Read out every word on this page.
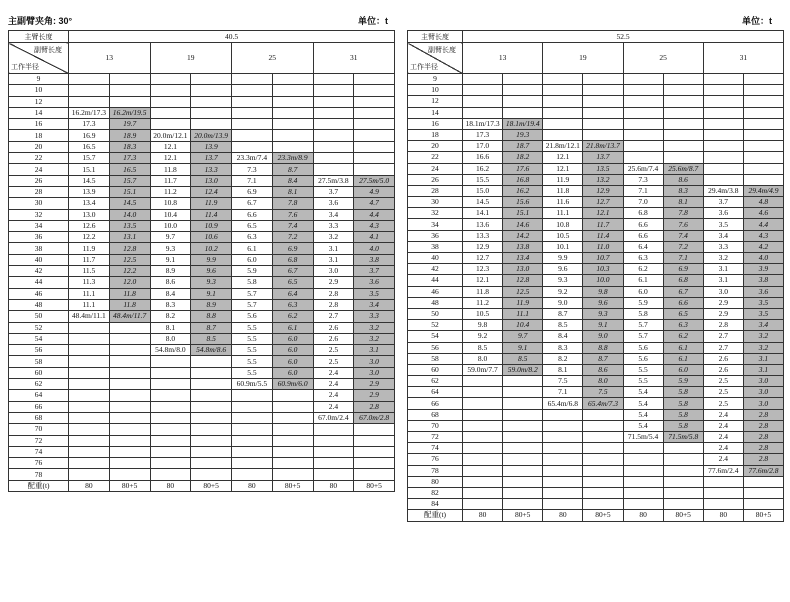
主副臂夹角: 30°	单位：t	单位：t
主臂长度	40.5							

副臂长度
工作半径	13		19		25		31	
9								
10								
12								
14	16.2m/17.3	16.2m/19.5						
16	17.3	19.7						
18	16.9	18.9	20.0m/12.1	20.0m/13.9				
20	16.5	18.3	12.1	13.9				
22	15.7	17.3	12.1	13.7	23.3m/7.4	23.3m/8.9		
24	15.1	16.5	11.8	13.3	7.3	8.7		
26	14.5	15.7	11.7	13.0	7.1	8.4	27.5m/3.8	27.5m/5.0
28	13.9	15.1	11.2	12.4	6.9	8.1	3.7	4.9
30	13.4	14.5	10.8	11.9	6.7	7.8	3.6	4.7
32	13.0	14.0	10.4	11.4	6.6	7.6	3.4	4.4
34	12.6	13.5	10.0	10.9	6.5	7.4	3.3	4.3
36	12.2	13.1	9.7	10.6	6.3	7.2	3.2	4.1
38	11.9	12.8	9.3	10.2	6.1	6.9	3.1	4.0
40	11.7	12.5	9.1	9.9	6.0	6.8	3.1	3.8
42	11.5	12.2	8.9	9.6	5.9	6.7	3.0	3.7
44	11.3	12.0	8.6	9.3	5.8	6.5	2.9	3.6
46	11.1	11.8	8.4	9.1	5.7	6.4	2.8	3.5
48	11.1	11.8	8.3	8.9	5.7	6.3	2.8	3.4
50	48.4m/11.1	48.4m/11.7	8.2	8.8	5.6	6.2	2.7	3.3
52			8.1	8.7	5.5	6.1	2.6	3.2
54			8.0	8.5	5.5	6.0	2.6	3.2
56			54.8m/8.0	54.8m/8.6	5.5	6.0	2.5	3.1
58					5.5	6.0	2.5	3.0
60					5.5	6.0	2.4	3.0
62					60.9m/5.5	60.9m/6.0	2.4	2.9
64							2.4	2.9
66							2.4	2.8
68							67.0m/2.4	67.0m/2.8
70								
72								
74								
76								
78								
配重(t)	80	80+5	80	80+5	80	80+5	80	80+5
主臂长度	52.5							

副臂长度
工作半径	13		19		25		31	
9								
10								
12								
14								
16	18.1m/17.3	18.1m/19.4						
18	17.3	19.3						
20	17.0	18.7	21.8m/12.1	21.8m/13.7				
22	16.6	18.2	12.1	13.7				
24	16.2	17.6	12.1	13.5	25.6m/7.4	25.6m/8.7		
26	15.5	16.8	11.9	13.2	7.3	8.6		
28	15.0	16.2	11.8	12.9	7.1	8.3	29.4m/3.8	29.4m/4.9
30	14.5	15.6	11.6	12.7	7.0	8.1	3.7	4.8
32	14.1	15.1	11.1	12.1	6.8	7.8	3.6	4.6
34	13.6	14.6	10.8	11.7	6.6	7.6	3.5	4.4
36	13.3	14.2	10.5	11.4	6.6	7.4	3.4	4.3
38	12.9	13.8	10.1	11.0	6.4	7.2	3.3	4.2
40	12.7	13.4	9.9	10.7	6.3	7.1	3.2	4.0
42	12.3	13.0	9.6	10.3	6.2	6.9	3.1	3.9
44	12.1	12.8	9.3	10.0	6.1	6.8	3.1	3.8
46	11.8	12.5	9.2	9.8	6.0	6.7	3.0	3.6
48	11.2	11.9	9.0	9.6	5.9	6.6	2.9	3.5
50	10.5	11.1	8.7	9.3	5.8	6.5	2.9	3.5
52	9.8	10.4	8.5	9.1	5.7	6.3	2.8	3.4
54	9.2	9.7	8.4	9.0	5.7	6.2	2.7	3.2
56	8.5	9.1	8.3	8.8	5.6	6.1	2.7	3.2
58	8.0	8.5	8.2	8.7	5.6	6.1	2.6	3.1
60	59.0m/7.7	59.0m/8.2	8.1	8.6	5.5	6.0	2.6	3.1
62			7.5	8.0	5.5	5.9	2.5	3.0
64			7.1	7.5	5.4	5.8	2.5	3.0
66			65.4m/6.8	65.4m/7.3	5.4	5.8	2.5	3.0
68					5.4	5.8	2.4	2.8
70					5.4	5.8	2.4	2.8
72					71.5m/5.4	71.5m/5.8	2.4	2.8
74							2.4	2.8
76							2.4	2.8
78							77.6m/2.4	77.6m/2.8
80								
82								
84								
配重(t)	80	80+5	80	80+5	80	80+5	80	80+5
